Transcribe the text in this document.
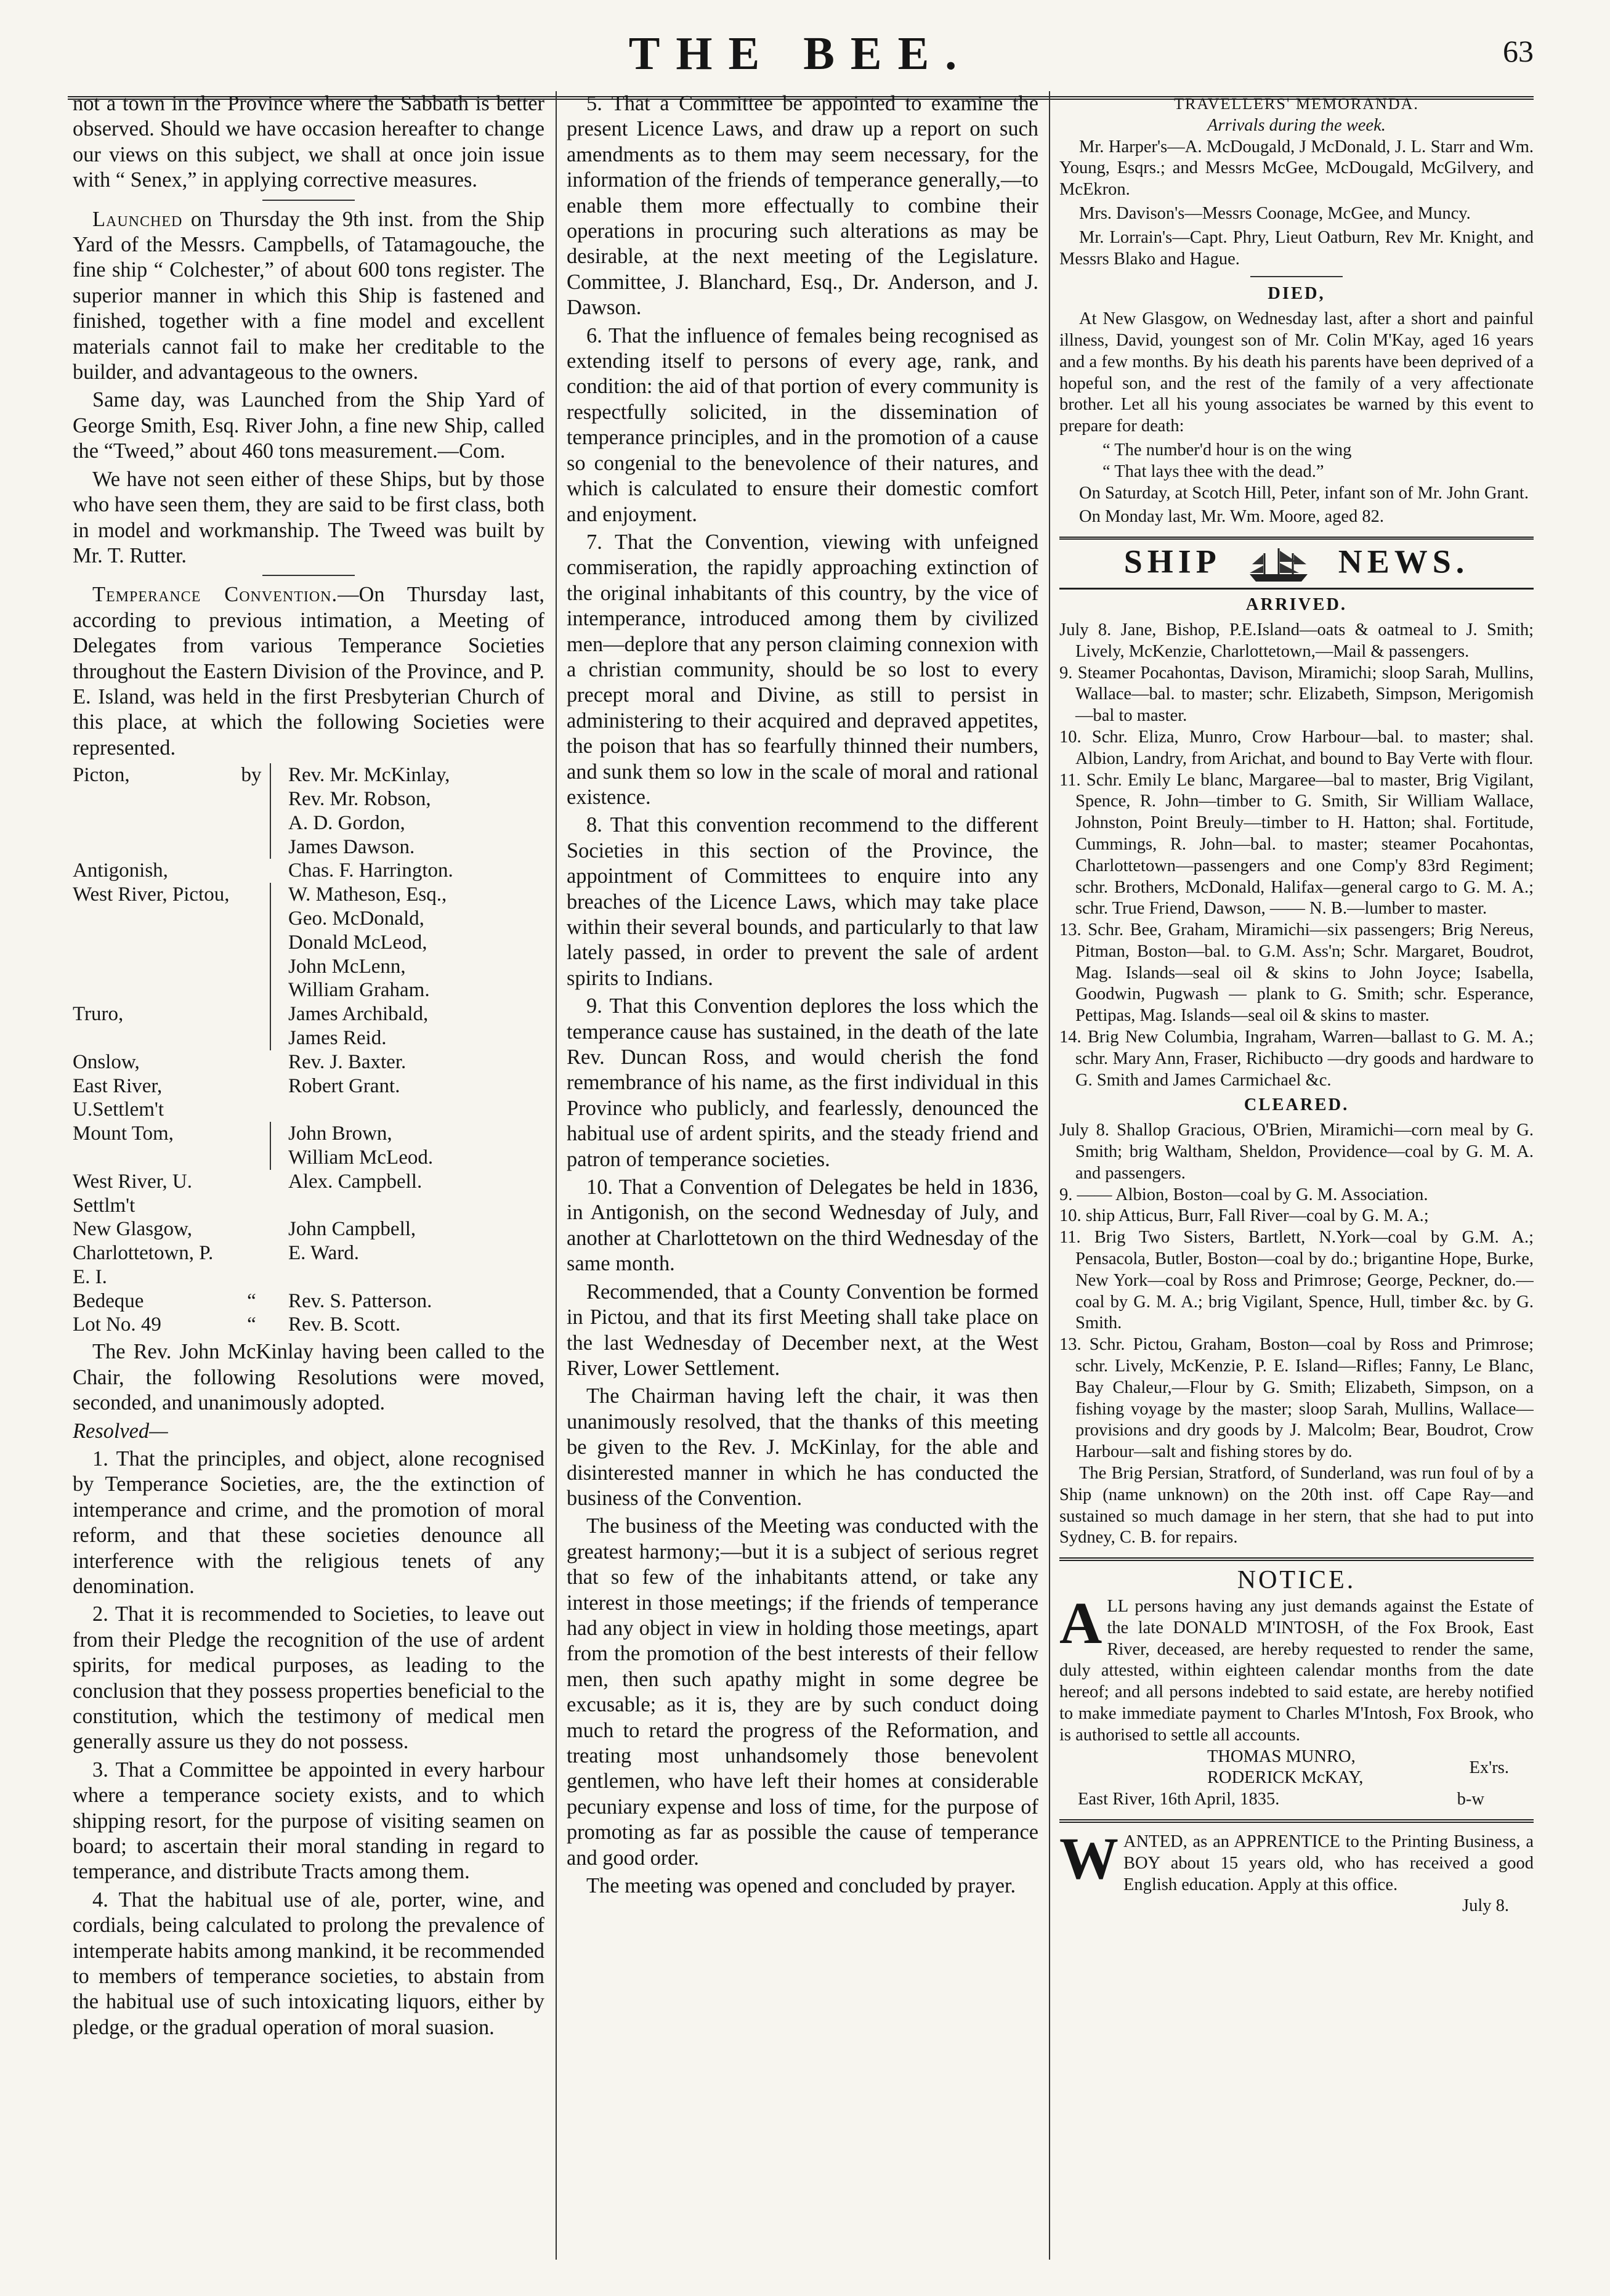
THE BEE.	63

not a town in the Province where the Sabbath is better observed. Should we have occasion hereafter to change our views on this subject, we shall at once join issue with “ Senex,” in applying corrective measures.

Launched on Thursday the 9th inst. from the Ship Yard of the Messrs. Campbells, of Tatamagouche, the fine ship “ Colchester,” of about 600 tons register. The superior manner in which this Ship is fastened and finished, together with a fine model and excellent materials cannot fail to make her creditable to the builder, and advantageous to the owners.

Same day, was Launched from the Ship Yard of George Smith, Esq. River John, a fine new Ship, called the “Tweed,” about 460 tons measurement.—Com.

We have not seen either of these Ships, but by those who have seen them, they are said to be first class, both in model and workmanship. The Tweed was built by Mr. T. Rutter.

Temperance Convention.—On Thursday last, according to previous intimation, a Meeting of Delegates from various Temperance Societies throughout the Eastern Division of the Province, and P. E. Island, was held in the first Presbyterian Church of this place, at which the following Societies were represented.

Picton,	by		Rev. Mr. McKinlay,
Rev. Mr. Robson,
A. D. Gordon,
James Dawson.

Antigonish,			Chas. F. Harrington.

West River, Pictou,			W. Matheson, Esq.,
Geo. McDonald,
Donald McLeod,
John McLenn,
William Graham.

Truro,			James Archibald,
James Reid.

Onslow,			Rev. J. Baxter.

East River, U.Settlem't			Robert Grant.

Mount Tom,			John Brown,
William McLeod.

West River, U. Settlm't			Alex. Campbell.

New Glasgow,			John Campbell,

Charlottetown, P. E. I.			E. Ward.

Bedeque	“		Rev. S. Patterson.

Lot No. 49	“		Rev. B. Scott.

The Rev. John McKinlay having been called to the Chair, the following Resolutions were moved, seconded, and unanimously adopted.

Resolved—

1. That the principles, and object, alone recognised by Temperance Societies, are, the the extinction of intemperance and crime, and the promotion of moral reform, and that these societies denounce all interference with the religious tenets of any denomination.

2. That it is recommended to Societies, to leave out from their Pledge the recognition of the use of ardent spirits, for medical purposes, as leading to the conclusion that they possess properties beneficial to the constitution, which the testimony of medical men generally assure us they do not possess.

3. That a Committee be appointed in every harbour where a temperance society exists, and to which shipping resort, for the purpose of visiting seamen on board; to ascertain their moral standing in regard to temperance, and distribute Tracts among them.

4. That the habitual use of ale, porter, wine, and cordials, being calculated to prolong the prevalence of intemperate habits among mankind, it be recommended to members of temperance societies, to abstain from the habitual use of such intoxicating liquors, either by pledge, or the gradual operation of moral suasion.

5. That a Committee be appointed to examine the present Licence Laws, and draw up a report on such amendments as to them may seem necessary, for the information of the friends of temperance generally,—to enable them more effectually to combine their operations in procuring such alterations as may be desirable, at the next meeting of the Legislature. Committee, J. Blanchard, Esq., Dr. Anderson, and J. Dawson.

6. That the influence of females being recognised as extending itself to persons of every age, rank, and condition: the aid of that portion of every community is respectfully solicited, in the dissemination of temperance principles, and in the promotion of a cause so congenial to the benevolence of their natures, and which is calculated to ensure their domestic comfort and enjoyment.

7. That the Convention, viewing with unfeigned commiseration, the rapidly approaching extinction of the original inhabitants of this country, by the vice of intemperance, introduced among them by civilized men—deplore that any person claiming connexion with a christian community, should be so lost to every precept moral and Divine, as still to persist in administering to their acquired and depraved appetites, the poison that has so fearfully thinned their numbers, and sunk them so low in the scale of moral and rational existence.

8. That this convention recommend to the different Societies in this section of the Province, the appointment of Committees to enquire into any breaches of the Licence Laws, which may take place within their several bounds, and particularly to that law lately passed, in order to prevent the sale of ardent spirits to Indians.

9. That this Convention deplores the loss which the temperance cause has sustained, in the death of the late Rev. Duncan Ross, and would cherish the fond remembrance of his name, as the first individual in this Province who publicly, and fearlessly, denounced the habitual use of ardent spirits, and the steady friend and patron of temperance societies.

10. That a Convention of Delegates be held in 1836, in Antigonish, on the second Wednesday of July, and another at Charlottetown on the third Wednesday of the same month.

Recommended, that a County Convention be formed in Pictou, and that its first Meeting shall take place on the last Wednesday of December next, at the West River, Lower Settlement.

The Chairman having left the chair, it was then unanimously resolved, that the thanks of this meeting be given to the Rev. J. McKinlay, for the able and disinterested manner in which he has conducted the business of the Convention.

The business of the Meeting was conducted with the greatest harmony;—but it is a subject of serious regret that so few of the inhabitants attend, or take any interest in those meetings; if the friends of temperance had any object in view in holding those meetings, apart from the promotion of the best interests of their fellow men, then such apathy might in some degree be excusable; as it is, they are by such conduct doing much to retard the progress of the Reformation, and treating most unhandsomely those benevolent gentlemen, who have left their homes at considerable pecuniary expense and loss of time, for the purpose of promoting as far as possible the cause of temperance and good order.

The meeting was opened and concluded by prayer.

TRAVELLERS' MEMORANDA.
Arrivals during the week.

Mr. Harper's—A. McDougald, J McDonald, J. L. Starr and Wm. Young, Esqrs.; and Messrs McGee, McDougald, McGilvery, and McEkron.

Mrs. Davison's—Messrs Coonage, McGee, and Muncy.

Mr. Lorrain's—Capt. Phry, Lieut Oatburn, Rev Mr. Knight, and Messrs Blako and Hague.

DIED,

At New Glasgow, on Wednesday last, after a short and painful illness, David, youngest son of Mr. Colin M'Kay, aged 16 years and a few months. By his death his parents have been deprived of a hopeful son, and the rest of the family of a very affectionate brother. Let all his young associates be warned by this event to prepare for death:

“ The number'd hour is on the wing

“ That lays thee with the dead.”

On Saturday, at Scotch Hill, Peter, infant son of Mr. John Grant.

On Monday last, Mr. Wm. Moore, aged 82.

SHIP	NEWS.
ARRIVED.

July 8. Jane, Bishop, P.E.Island—oats & oatmeal to J. Smith; Lively, McKenzie, Charlottetown,—Mail & passengers.

9. Steamer Pocahontas, Davison, Miramichi; sloop Sarah, Mullins, Wallace—bal. to master; schr. Elizabeth, Simpson, Merigomish—bal to master.

10. Schr. Eliza, Munro, Crow Harbour—bal. to master; shal. Albion, Landry, from Arichat, and bound to Bay Verte with flour.

11. Schr. Emily Le blanc, Margaree—bal to master, Brig Vigilant, Spence, R. John—timber to G. Smith, Sir William Wallace, Johnston, Point Breuly—timber to H. Hatton; shal. Fortitude, Cummings, R. John—bal. to master; steamer Pocahontas, Charlottetown—passengers and one Comp'y 83rd Regiment; schr. Brothers, McDonald, Halifax—general cargo to G. M. A.; schr. True Friend, Dawson, —— N. B.—lumber to master.

13. Schr. Bee, Graham, Miramichi—six passengers; Brig Nereus, Pitman, Boston—bal. to G.M. Ass'n; Schr. Margaret, Boudrot, Mag. Islands—seal oil & skins to John Joyce; Isabella, Goodwin, Pugwash — plank to G. Smith; schr. Esperance, Pettipas, Mag. Islands—seal oil & skins to master.

14. Brig New Columbia, Ingraham, Warren—ballast to G. M. A.; schr. Mary Ann, Fraser, Richibucto —dry goods and hardware to G. Smith and James Carmichael &c.

CLEARED.

July 8. Shallop Gracious, O'Brien, Miramichi—corn meal by G. Smith; brig Waltham, Sheldon, Providence—coal by G. M. A. and passengers.

9. —— Albion, Boston—coal by G. M. Association.

10. ship Atticus, Burr, Fall River—coal by G. M. A.;

11. Brig Two Sisters, Bartlett, N.York—coal by G.M. A.; Pensacola, Butler, Boston—coal by do.; brigantine Hope, Burke, New York—coal by Ross and Primrose; George, Peckner, do.—coal by G. M. A.; brig Vigilant, Spence, Hull, timber &c. by G. Smith.

13. Schr. Pictou, Graham, Boston—coal by Ross and Primrose; schr. Lively, McKenzie, P. E. Island—Rifles; Fanny, Le Blanc, Bay Chaleur,—Flour by G. Smith; Elizabeth, Simpson, on a fishing voyage by the master; sloop Sarah, Mullins, Wallace—provisions and dry goods by J. Malcolm; Bear, Boudrot, Crow Harbour—salt and fishing stores by do.

The Brig Persian, Stratford, of Sunderland, was run foul of by a Ship (name unknown) on the 20th inst. off Cape Ray—and sustained so much damage in her stern, that she had to put into Sydney, C. B. for repairs.

NOTICE.

ALL persons having any just demands against the Estate of the late DONALD M'INTOSH, of the Fox Brook, East River, deceased, are hereby requested to render the same, duly attested, within eighteen calendar months from the date hereof; and all persons indebted to said estate, are hereby notified to make immediate payment to Charles M'Intosh, Fox Brook, who is authorised to settle all accounts.

THOMAS MUNRO,
RODERICK McKAY,
Ex'rs.
East River, 16th April, 1835.	b-w

WANTED, as an APPRENTICE to the Printing Business, a BOY about 15 years old, who has received a good English education. Apply at this office.

July 8.
